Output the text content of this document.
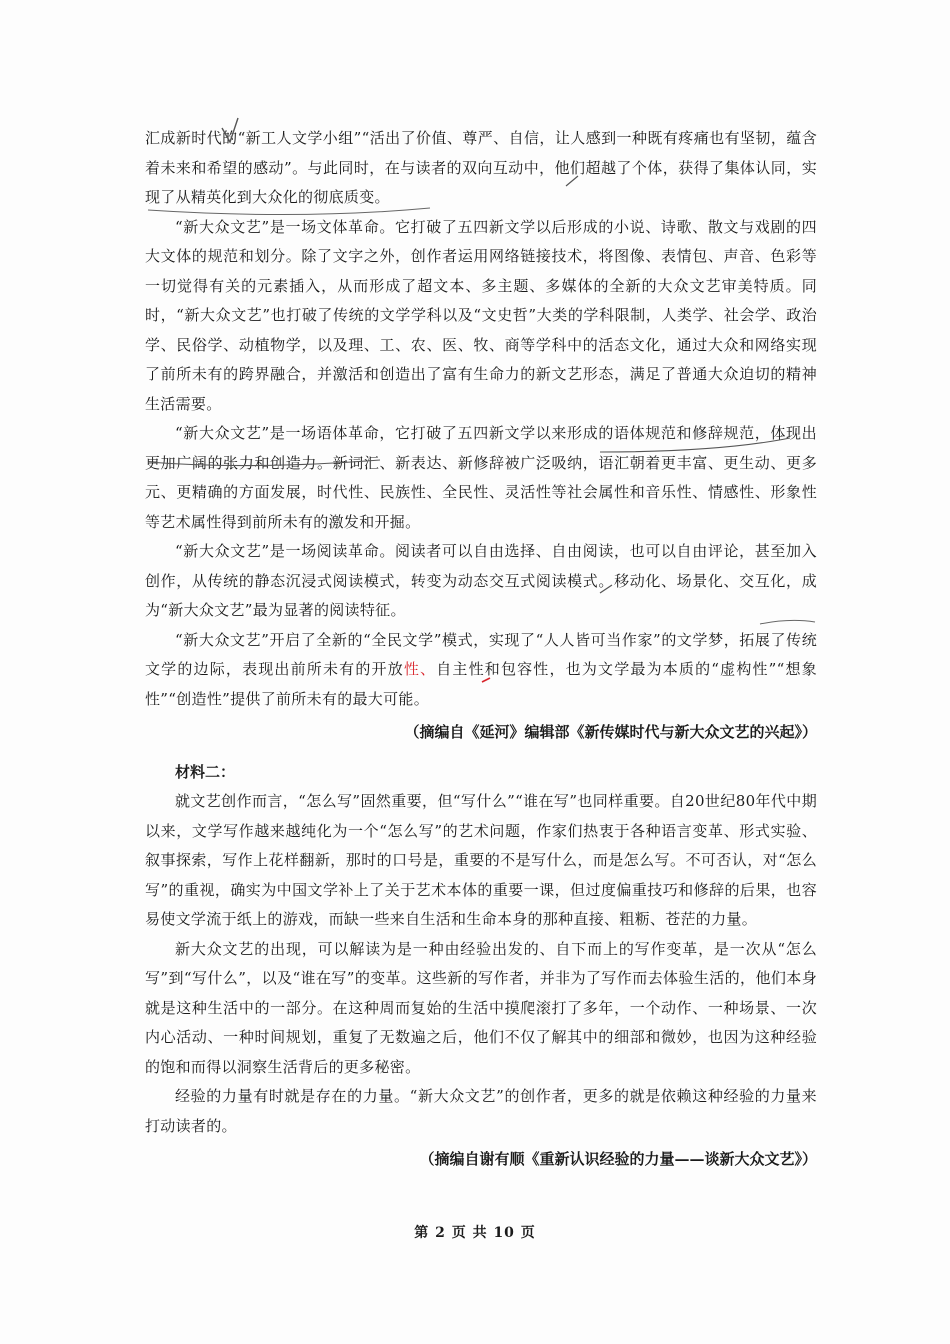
汇成新时代的“新工人文学小组”“活出了价值、尊严、自信，让人感到一种既有疼痛也有坚韧，蕴含着未来和希望的感动”。与此同时，在与读者的双向互动中，他们超越了个体，获得了集体认同，实现了从精英化到大众化的彻底质变。

“新大众文艺”是一场文体革命。它打破了五四新文学以后形成的小说、诗歌、散文与戏剧的四大文体的规范和划分。除了文字之外，创作者运用网络链接技术，将图像、表情包、声音、色彩等一切觉得有关的元素插入，从而形成了超文本、多主题、多媒体的全新的大众文艺审美特质。同时，“新大众文艺”也打破了传统的文学学科以及“文史哲”大类的学科限制，人类学、社会学、政治学、民俗学、动植物学，以及理、工、农、医、牧、商等学科中的活态文化，通过大众和网络实现了前所未有的跨界融合，并激活和创造出了富有生命力的新文艺形态，满足了普通大众迫切的精神生活需要。

“新大众文艺”是一场语体革命，它打破了五四新文学以来形成的语体规范和修辞规范，体现出更加广阔的张力和创造力。新词汇、新表达、新修辞被广泛吸纳，语汇朝着更丰富、更生动、更多元、更精确的方面发展，时代性、民族性、全民性、灵活性等社会属性和音乐性、情感性、形象性等艺术属性得到前所未有的激发和开掘。

“新大众文艺”是一场阅读革命。阅读者可以自由选择、自由阅读，也可以自由评论，甚至加入创作，从传统的静态沉浸式阅读模式，转变为动态交互式阅读模式。移动化、场景化、交互化，成为“新大众文艺”最为显著的阅读特征。

“新大众文艺”开启了全新的“全民文学”模式，实现了“人人皆可当作家”的文学梦，拓展了传统文学的边际，表现出前所未有的开放性、自主性和包容性，也为文学最为本质的“虚构性”“想象性”“创造性”提供了前所未有的最大可能。

（摘编自《延河》编辑部《新传媒时代与新大众文艺的兴起》）

材料二：

就文艺创作而言，“怎么写”固然重要，但“写什么”“谁在写”也同样重要。自20世纪80年代中期以来，文学写作越来越纯化为一个“怎么写”的艺术问题，作家们热衷于各种语言变革、形式实验、叙事探索，写作上花样翻新，那时的口号是，重要的不是写什么，而是怎么写。不可否认，对“怎么写”的重视，确实为中国文学补上了关于艺术本体的重要一课，但过度偏重技巧和修辞的后果，也容易使文学流于纸上的游戏，而缺一些来自生活和生命本身的那种直接、粗粝、苍茫的力量。

新大众文艺的出现，可以解读为是一种由经验出发的、自下而上的写作变革，是一次从“怎么写”到“写什么”，以及“谁在写”的变革。这些新的写作者，并非为了写作而去体验生活的，他们本身就是这种生活中的一部分。在这种周而复始的生活中摸爬滚打了多年，一个动作、一种场景、一次内心活动、一种时间规划，重复了无数遍之后，他们不仅了解其中的细部和微妙，也因为这种经验的饱和而得以洞察生活背后的更多秘密。

经验的力量有时就是存在的力量。“新大众文艺”的创作者，更多的就是依赖这种经验的力量来打动读者的。

（摘编自谢有顺《重新认识经验的力量——谈新大众文艺》）

第 2 页 共 10 页
